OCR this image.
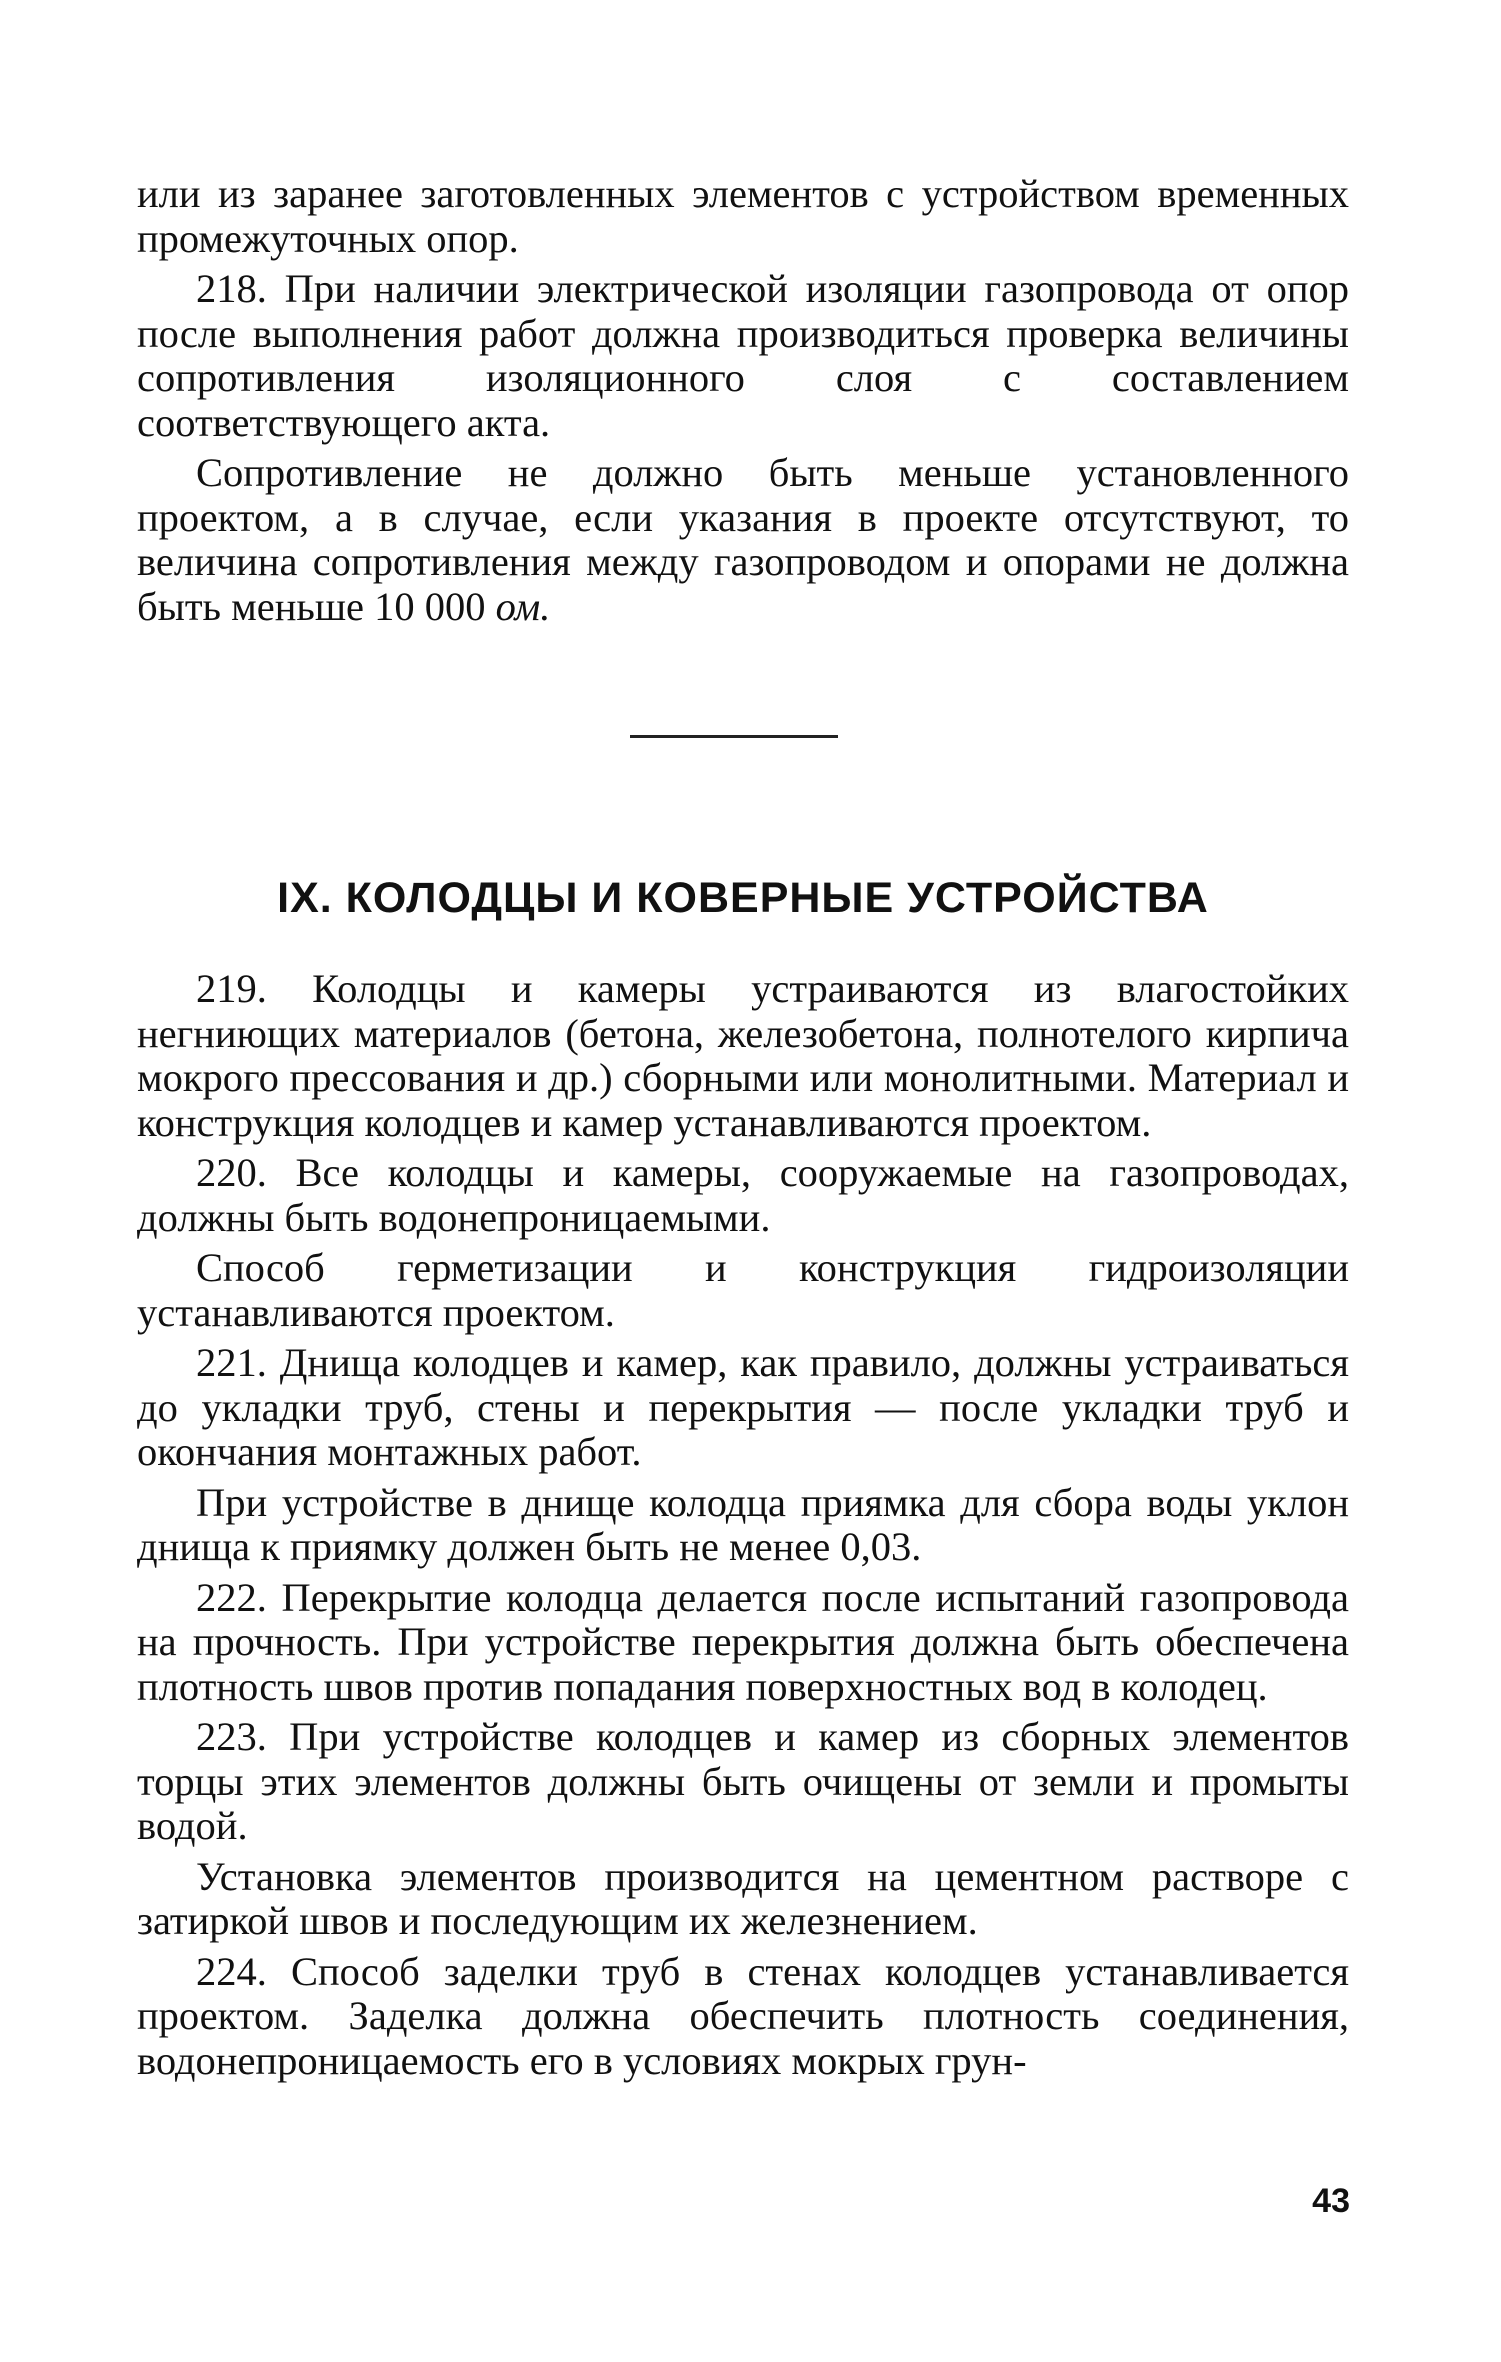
или из заранее заготовленных элементов с устройством временных промежуточных опор.

218. При наличии электрической изоляции газопровода от опор после выполнения работ должна производиться проверка величины сопротивления изоляционного слоя с составлением соответствующего акта.

Сопротивление не должно быть меньше установленного проектом, а в случае, если указания в проекте отсутствуют, то величина сопротивления между газопроводом и опорами не должна быть меньше 10 000 ом.

IX. КОЛОДЦЫ И КОВЕРНЫЕ УСТРОЙСТВА

219. Колодцы и камеры устраиваются из влагостойких негниющих материалов (бетона, железобетона, полнотелого кирпича мокрого прессования и др.) сборными или монолитными. Материал и конструкция колодцев и камер устанавливаются проектом.

220. Все колодцы и камеры, сооружаемые на газопроводах, должны быть водонепроницаемыми.

Способ герметизации и конструкция гидроизоляции устанавливаются проектом.

221. Днища колодцев и камер, как правило, должны устраиваться до укладки труб, стены и перекрытия — после укладки труб и окончания монтажных работ.

При устройстве в днище колодца приямка для сбора воды уклон днища к приямку должен быть не менее 0,03.

222. Перекрытие колодца делается после испытаний газопровода на прочность. При устройстве перекрытия должна быть обеспечена плотность швов против попадания поверхностных вод в колодец.

223. При устройстве колодцев и камер из сборных элементов торцы этих элементов должны быть очищены от земли и промыты водой.

Установка элементов производится на цементном растворе с затиркой швов и последующим их железнением.

224. Способ заделки труб в стенах колодцев устанавливается проектом. Заделка должна обеспечить плотность соединения, водонепроницаемость его в условиях мокрых грун-

43
